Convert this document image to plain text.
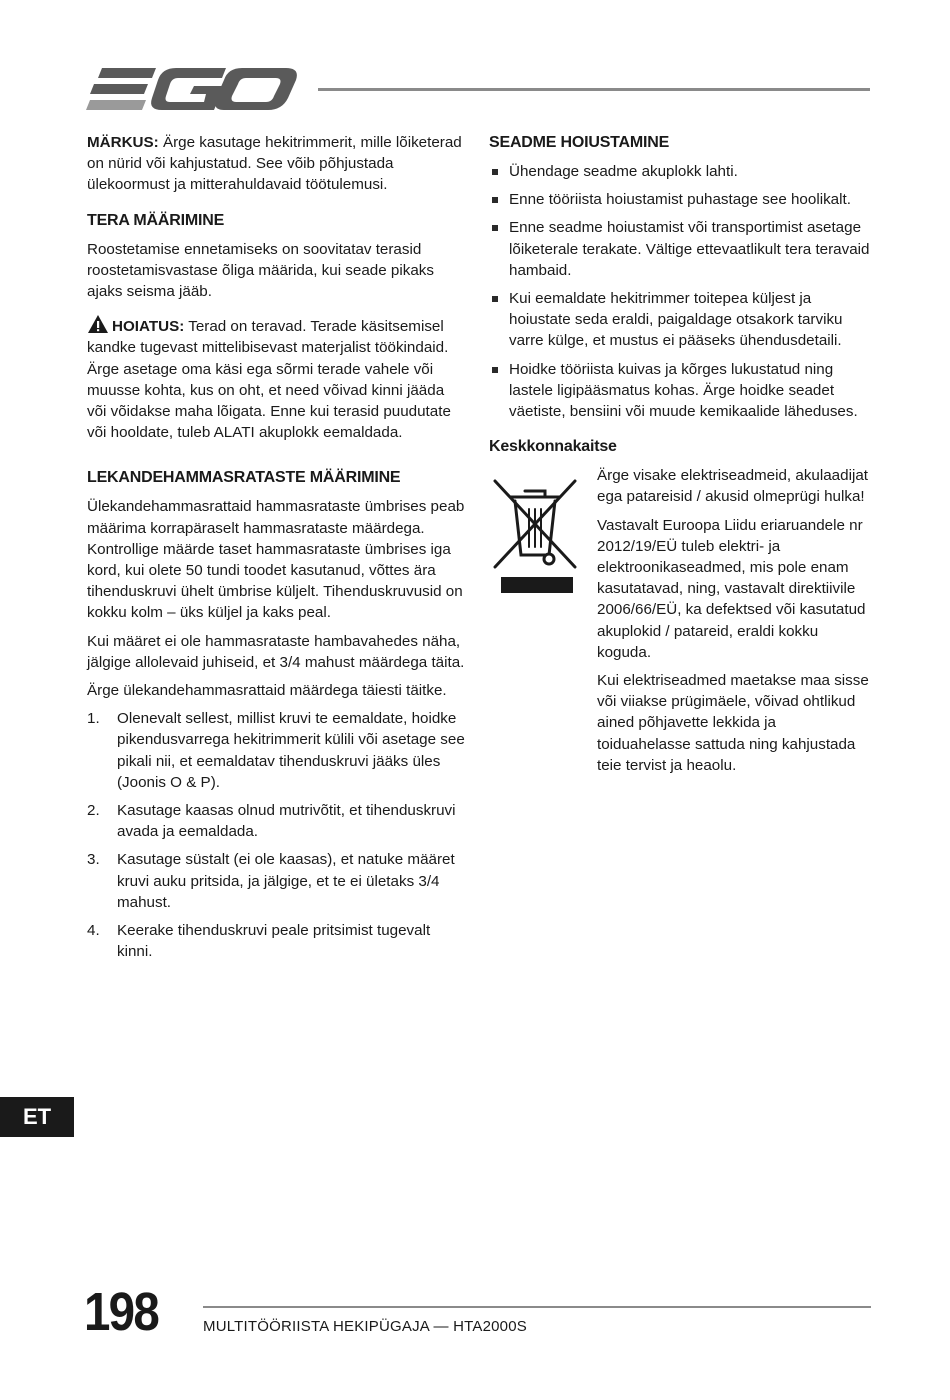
MÄRKUS: Ärge kasutage hekitrimmerit, mille lõiketerad on nürid või kahjustatud. See võib põhjustada ülekoormust ja mitterahuldavaid töötulemusi.

TERA MÄÄRIMINE

Roostetamise ennetamiseks on soovitatav terasid roostetamisvastase õliga määrida, kui seade pikaks ajaks seisma jääb.

HOIATUS: Terad on teravad. Terade käsitsemisel kandke tugevast mittelibisevast materjalist töökindaid. Ärge asetage oma käsi ega sõrmi terade vahele või muusse kohta, kus on oht, et need võivad kinni jääda või võidakse maha lõigata. Enne kui terasid puudutate või hooldate, tuleb ALATI akuplokk eemaldada.

LEKANDEHAMMASRATASTE MÄÄRIMINE

Ülekandehammasrattaid hammasrataste ümbrises peab määrima korrapäraselt hammasrataste määrdega. Kontrollige määrde taset hammasrataste ümbrises iga kord, kui olete 50 tundi toodet kasutanud, võttes ära tihenduskruvi ühelt ümbrise küljelt. Tihenduskruvusid on kokku kolm – üks küljel ja kaks peal.

Kui määret ei ole hammasrataste hambavahedes näha, jälgige allolevaid juhiseid, et 3/4 mahust määrdega täita.

Ärge ülekandehammasrattaid määrdega täiesti täitke.

1. Olenevalt sellest, millist kruvi te eemaldate, hoidke pikendusvarrega hekitrimmerit külili või asetage see pikali nii, et eemaldatav tihenduskruvi jääks üles (Joonis O & P).
2. Kasutage kaasas olnud mutrivõtit, et tihenduskruvi avada ja eemaldada.
3. Kasutage süstalt (ei ole kaasas), et natuke määret kruvi auku pritsida, ja jälgige, et te ei ületaks 3/4 mahust.
4. Keerake tihenduskruvi peale pritsimist tugevalt kinni.
SEADME HOIUSTAMINE
Ühendage seadme akuplokk lahti.
Enne tööriista hoiustamist puhastage see hoolikalt.
Enne seadme hoiustamist või transportimist asetage lõiketerale terakate. Vältige ettevaatlikult tera teravaid hambaid.
Kui eemaldate hekitrimmer toitepea küljest ja hoiustate seda eraldi, paigaldage otsakork tarviku varre külge, et mustus ei pääseks ühendusdetaili.
Hoidke tööriista kuivas ja kõrges lukustatud ning lastele ligipääsmatus kohas. Ärge hoidke seadet väetiste, bensiini või muude kemikaalide läheduses.
Keskkonnakaitse

Ärge visake elektriseadmeid, akulaadijat ega patareisid / akusid olmeprügi hulka!

Vastavalt Euroopa Liidu eriaruandele nr 2012/19/EÜ tuleb elektri- ja elektroonikaseadmed, mis pole enam kasutatavad, ning, vastavalt direktiivile 2006/66/EÜ, ka defektsed või kasutatud akuplokid / patareid, eraldi kokku koguda.

Kui elektriseadmed maetakse maa sisse või viiakse prügimäele, võivad ohtlikud ained põhjavette lekkida ja toiduahelasse sattuda ning kahjustada teie tervist ja heaolu.

ET
198	MULTITÖÖRIISTA HEKIPÜGAJA — HTA2000S
